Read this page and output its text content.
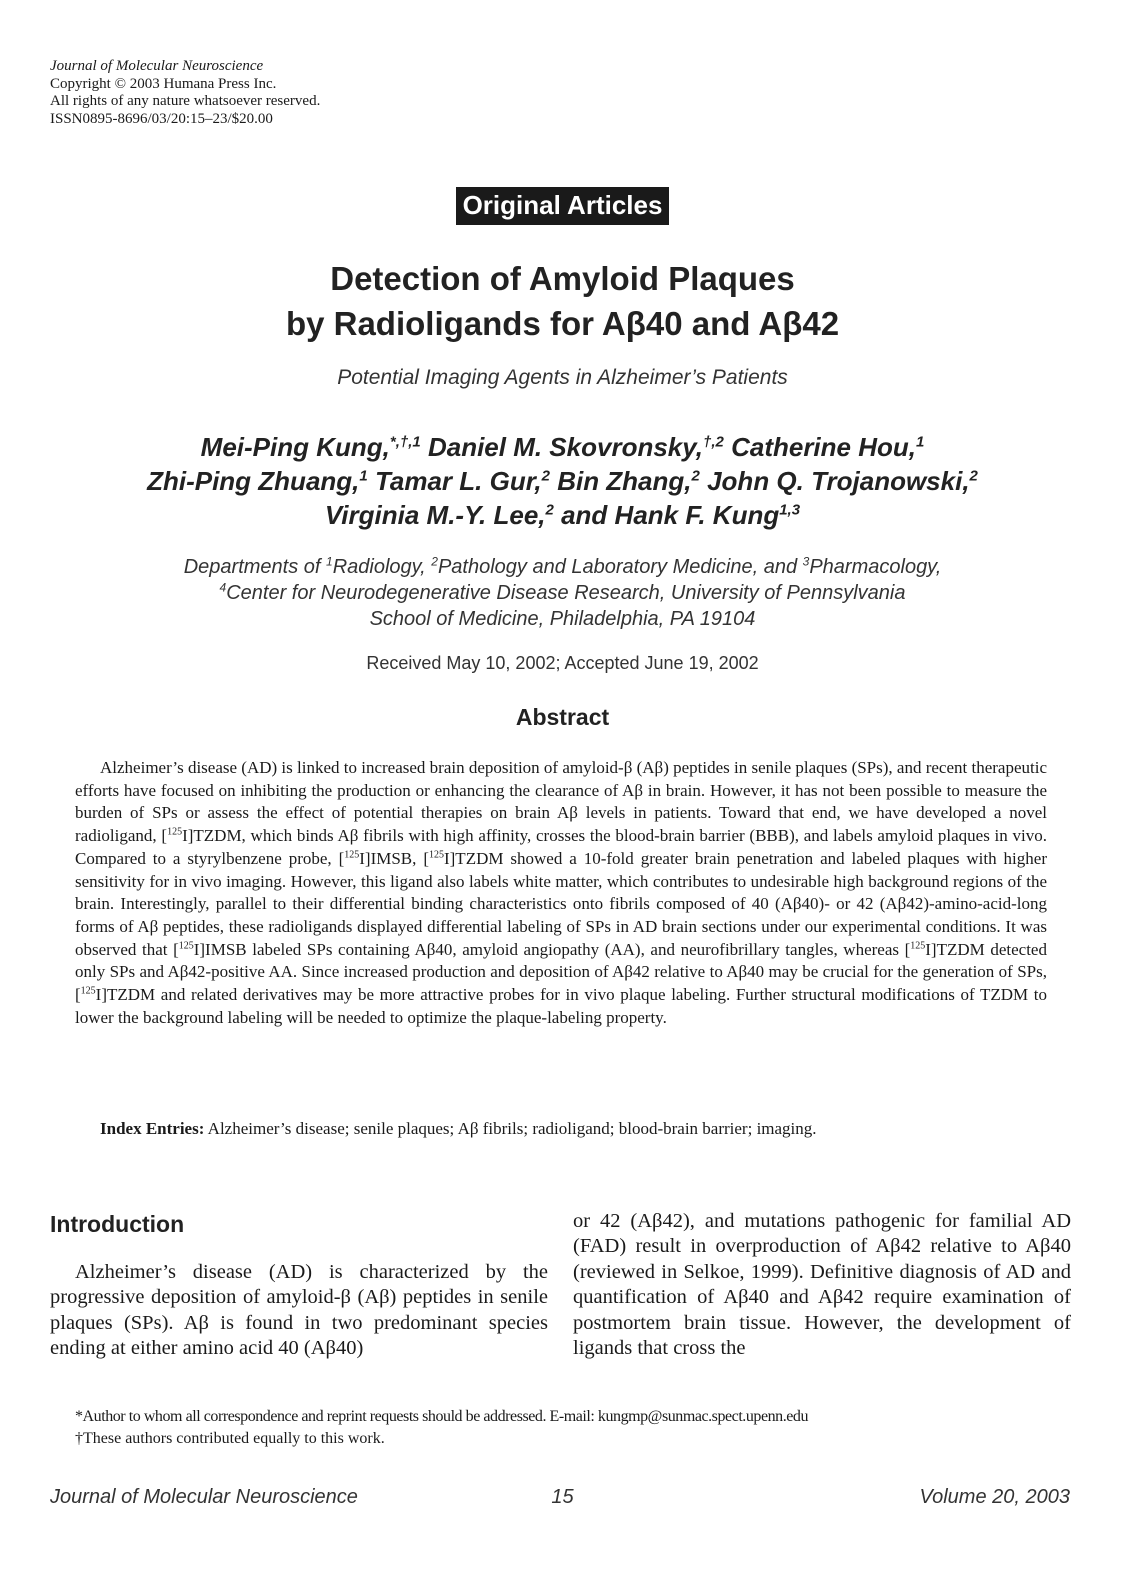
Journal of Molecular Neuroscience
Copyright © 2003 Humana Press Inc.
All rights of any nature whatsoever reserved.
ISSN0895-8696/03/20:15–23/$20.00
Original Articles
Detection of Amyloid Plaques
by Radioligands for Aβ40 and Aβ42
Potential Imaging Agents in Alzheimer’s Patients
Mei-Ping Kung,$^{*,\dagger,1}$ Daniel M. Skovronsky,$^{\dagger,2}$ Catherine Hou,$^1$
Zhi-Ping Zhuang,$^1$ Tamar L. Gur,$^2$ Bin Zhang,$^2$ John Q. Trojanowski,$^2$
Virginia M.-Y. Lee,$^2$ and Hank F. Kung$^{1,3}$
Departments of $^1$Radiology, $^2$Pathology and Laboratory Medicine, and $^3$Pharmacology,
$^4$Center for Neurodegenerative Disease Research, University of Pennsylvania
School of Medicine, Philadelphia, PA 19104
Received May 10, 2002; Accepted June 19, 2002
Abstract
Alzheimer’s disease (AD) is linked to increased brain deposition of amyloid-β (Aβ) peptides in senile plaques (SPs), and recent therapeutic efforts have focused on inhibiting the production or enhancing the clearance of Aβ in brain. However, it has not been possible to measure the burden of SPs or assess the effect of potential therapies on brain Aβ levels in patients. Toward that end, we have developed a novel radioligand, [$^{125}$I]TZDM, which binds Aβ fibrils with high affinity, crosses the blood-brain barrier (BBB), and labels amyloid plaques in vivo. Compared to a styrylbenzene probe, [$^{125}$I]IMSB, [$^{125}$I]TZDM showed a 10-fold greater brain penetration and labeled plaques with higher sensitivity for in vivo imaging. However, this ligand also labels white matter, which contributes to undesirable high background regions of the brain. Interestingly, parallel to their differential binding characteristics onto fibrils composed of 40 (Aβ40)- or 42 (Aβ42)-amino-acid-long forms of Aβ peptides, these radioligands displayed differential labeling of SPs in AD brain sections under our experimental conditions. It was observed that [$^{125}$I]IMSB labeled SPs containing Aβ40, amyloid angiopathy (AA), and neurofibrillary tangles, whereas [$^{125}$I]TZDM detected only SPs and Aβ42-positive AA. Since increased production and deposition of Aβ42 relative to Aβ40 may be crucial for the generation of SPs, [$^{125}$I]TZDM and related derivatives may be more attractive probes for in vivo plaque labeling. Further structural modifications of TZDM to lower the background labeling will be needed to optimize the plaque-labeling property.
Index Entries: Alzheimer’s disease; senile plaques; Aβ fibrils; radioligand; blood-brain barrier; imaging.
Introduction
Alzheimer’s disease (AD) is characterized by the progressive deposition of amyloid-β (Aβ) peptides in senile plaques (SPs). Aβ is found in two predominant species ending at either amino acid 40 (Aβ40)
or 42 (Aβ42), and mutations pathogenic for familial AD (FAD) result in overproduction of Aβ42 relative to Aβ40 (reviewed in Selkoe, 1999). Definitive diagnosis of AD and quantification of Aβ40 and Aβ42 require examination of postmortem brain tissue. However, the development of ligands that cross the
*Author to whom all correspondence and reprint requests should be addressed. E-mail: kungmp@sunmac.spect.upenn.edu
†These authors contributed equally to this work.
Journal of Molecular Neuroscience	15	Volume 20, 2003
